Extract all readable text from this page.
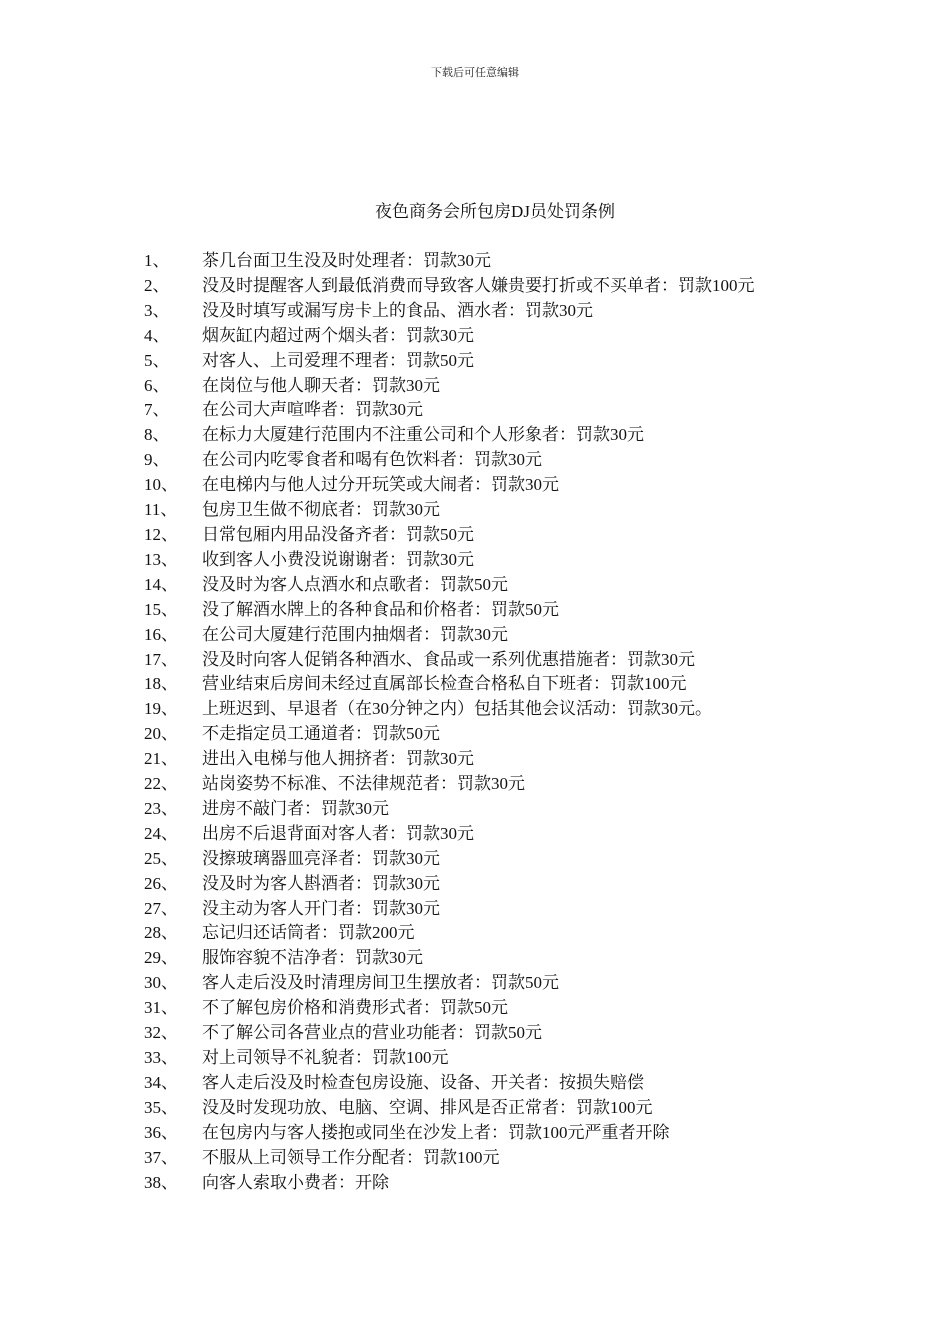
下载后可任意编辑
夜色商务会所包房DJ员处罚条例
1、	茶几台面卫生没及时处理者：罚款30元
2、	没及时提醒客人到最低消费而导致客人嫌贵要打折或不买单者：罚款100元
3、	没及时填写或漏写房卡上的食品、酒水者：罚款30元
4、	烟灰缸内超过两个烟头者：罚款30元
5、	对客人、上司爱理不理者：罚款50元
6、	在岗位与他人聊天者：罚款30元
7、	在公司大声喧哗者：罚款30元
8、	在标力大厦建行范围内不注重公司和个人形象者：罚款30元
9、	在公司内吃零食者和喝有色饮料者：罚款30元
10、	在电梯内与他人过分开玩笑或大闹者：罚款30元
11、	包房卫生做不彻底者：罚款30元
12、	日常包厢内用品没备齐者：罚款50元
13、	收到客人小费没说谢谢者：罚款30元
14、	没及时为客人点酒水和点歌者：罚款50元
15、	没了解酒水牌上的各种食品和价格者：罚款50元
16、	在公司大厦建行范围内抽烟者：罚款30元
17、	没及时向客人促销各种酒水、食品或一系列优惠措施者：罚款30元
18、	营业结束后房间未经过直属部长检查合格私自下班者：罚款100元
19、	上班迟到、早退者（在30分钟之内）包括其他会议活动：罚款30元。
20、	不走指定员工通道者：罚款50元
21、	进出入电梯与他人拥挤者：罚款30元
22、	站岗姿势不标准、不法律规范者：罚款30元
23、	进房不敲门者：罚款30元
24、	出房不后退背面对客人者：罚款30元
25、	没擦玻璃器皿亮泽者：罚款30元
26、	没及时为客人斟酒者：罚款30元
27、	没主动为客人开门者：罚款30元
28、	忘记归还话筒者：罚款200元
29、	服饰容貌不洁净者：罚款30元
30、	客人走后没及时清理房间卫生摆放者：罚款50元
31、	不了解包房价格和消费形式者：罚款50元
32、	不了解公司各营业点的营业功能者：罚款50元
33、	对上司领导不礼貌者：罚款100元
34、	客人走后没及时检查包房设施、设备、开关者：按损失赔偿
35、	没及时发现功放、电脑、空调、排风是否正常者：罚款100元
36、	在包房内与客人搂抱或同坐在沙发上者：罚款100元严重者开除
37、	不服从上司领导工作分配者：罚款100元
38、	向客人索取小费者：开除
